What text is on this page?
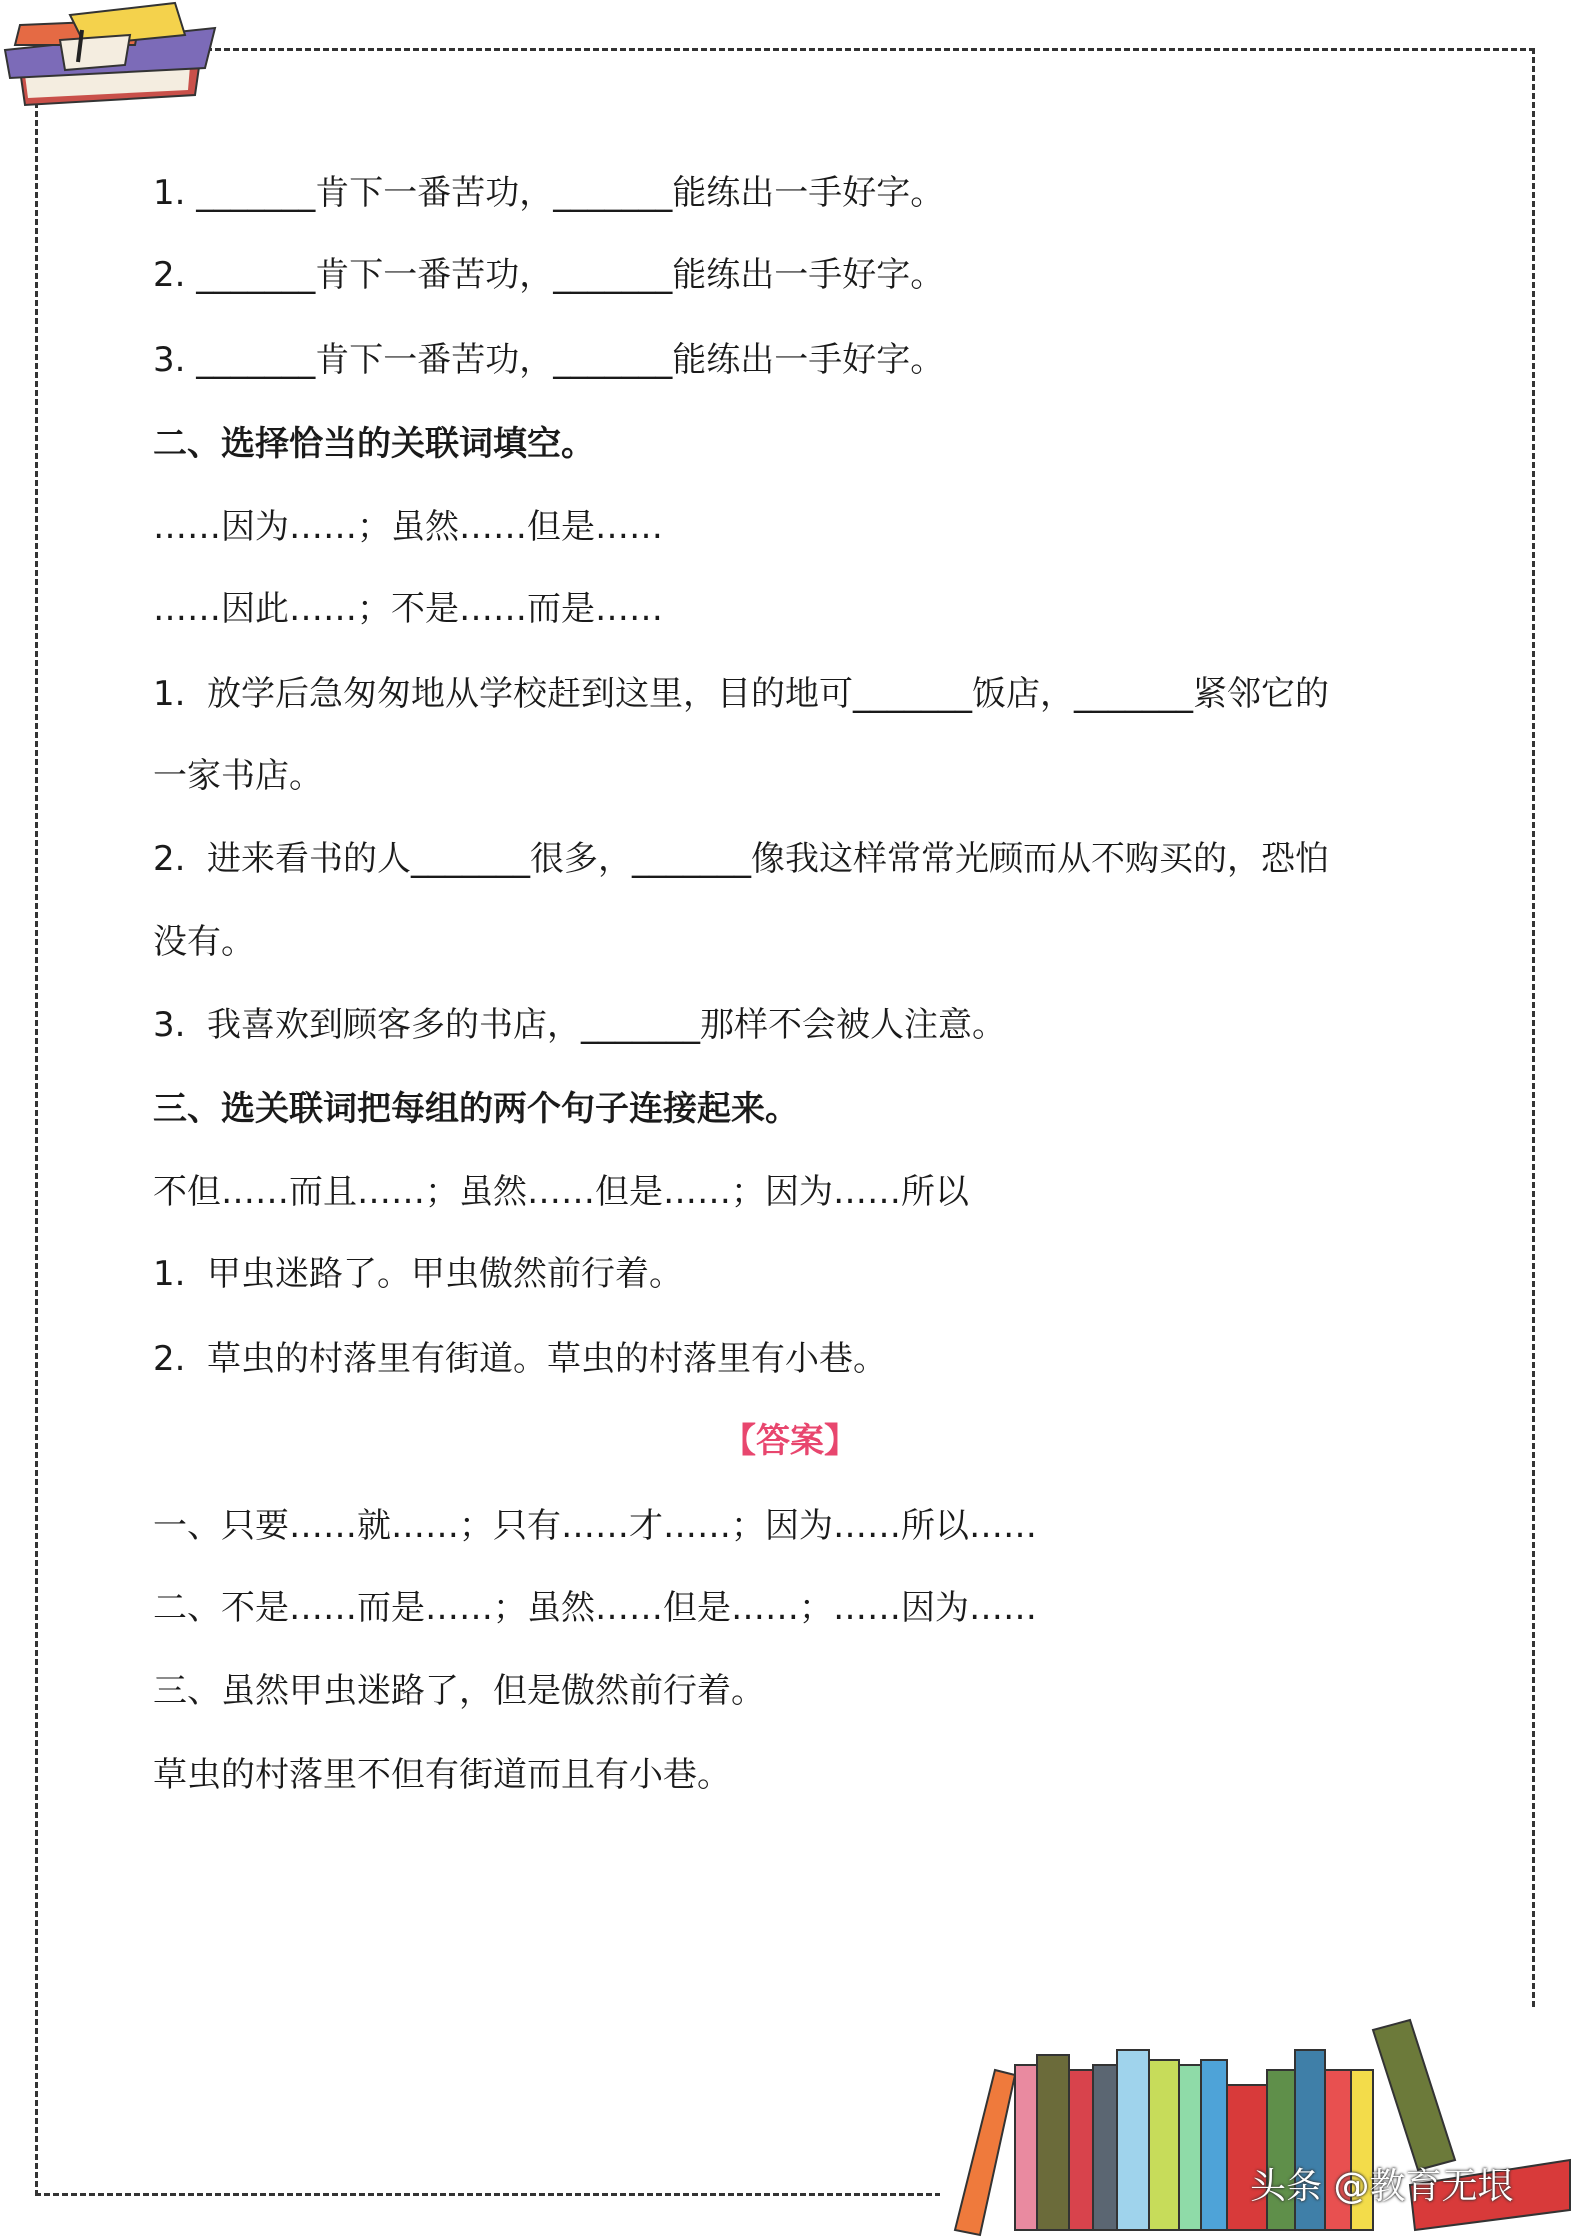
1. _______肯下一番苦功，_______能练出一手好字。
2. _______肯下一番苦功，_______能练出一手好字。
3. _______肯下一番苦功，_______能练出一手好字。
二、选择恰当的关联词填空。
……因为……；虽然……但是……
……因此……；不是……而是……
1.  放学后急匆匆地从学校赶到这里，目的地可_______饭店，_______紧邻它的
一家书店。
2.  进来看书的人_______很多，_______像我这样常常光顾而从不购买的，恐怕
没有。
3.  我喜欢到顾客多的书店，_______那样不会被人注意。
三、选关联词把每组的两个句子连接起来。
不但……而且……；虽然……但是……；因为……所以
1.  甲虫迷路了。甲虫傲然前行着。
2.  草虫的村落里有街道。草虫的村落里有小巷。
【答案】
一、只要……就……；只有……才……；因为……所以……
二、不是……而是……；虽然……但是……；……因为……
三、虽然甲虫迷路了，但是傲然前行着。
草虫的村落里不但有街道而且有小巷。
头条 @教育无垠
